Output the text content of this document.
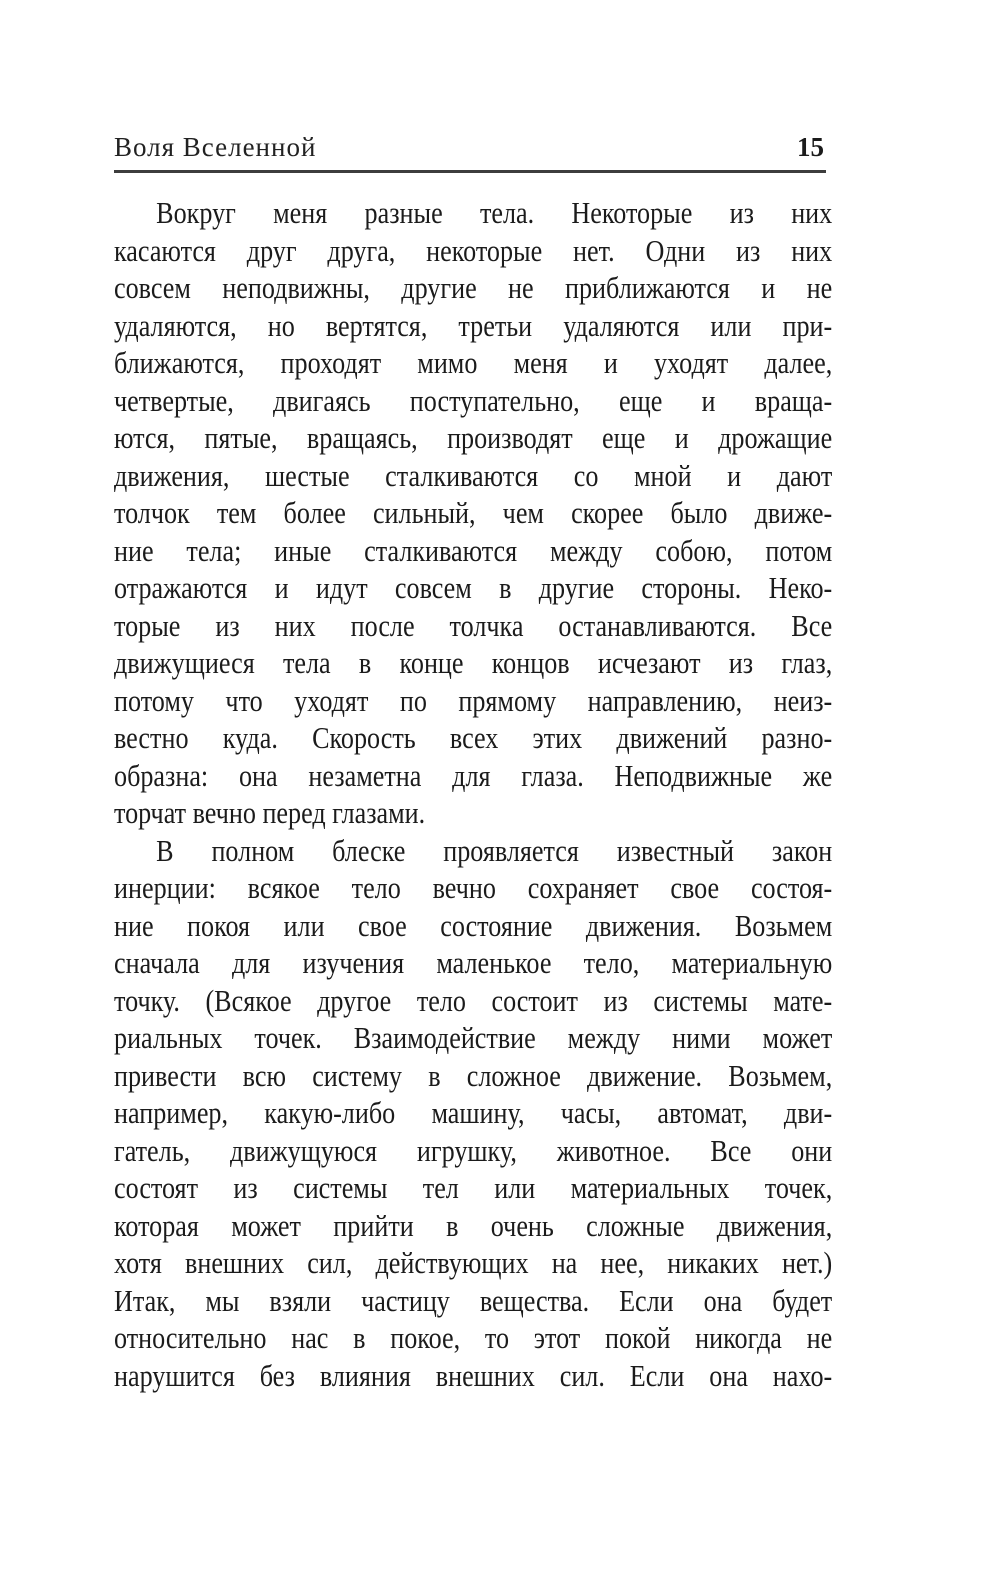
Воля Вселенной	15
Вокруг меня разные тела. Некоторые из них
касаются друг друга, некоторые нет. Одни из них
совсем неподвижны, другие не приближаются и не
удаляются, но вертятся, третьи удаляются или при-
ближаются, проходят мимо меня и уходят далее,
четвертые, двигаясь поступательно, еще и враща-
ются, пятые, вращаясь, производят еще и дрожащие
движения, шестые сталкиваются со мной и дают
толчок тем более сильный, чем скорее было движе-
ние тела; иные сталкиваются между собою, потом
отражаются и идут совсем в другие стороны. Неко-
торые из них после толчка останавливаются. Все
движущиеся тела в конце концов исчезают из глаз,
потому что уходят по прямому направлению, неиз-
вестно куда. Скорость всех этих движений разно-
образна: она незаметна для глаза. Неподвижные же
торчат вечно перед глазами.
В полном блеске проявляется известный закон
инерции: всякое тело вечно сохраняет свое состоя-
ние покоя или свое состояние движения. Возьмем
сначала для изучения маленькое тело, материальную
точку. (Всякое другое тело состоит из системы мате-
риальных точек. Взаимодействие между ними может
привести всю систему в сложное движение. Возьмем,
например, какую-либо машину, часы, автомат, дви-
гатель, движущуюся игрушку, животное. Все они
состоят из системы тел или материальных точек,
которая может прийти в очень сложные движения,
хотя внешних сил, действующих на нее, никаких нет.)
Итак, мы взяли частицу вещества. Если она будет
относительно нас в покое, то этот покой никогда не
нарушится без влияния внешних сил. Если она нахо-
